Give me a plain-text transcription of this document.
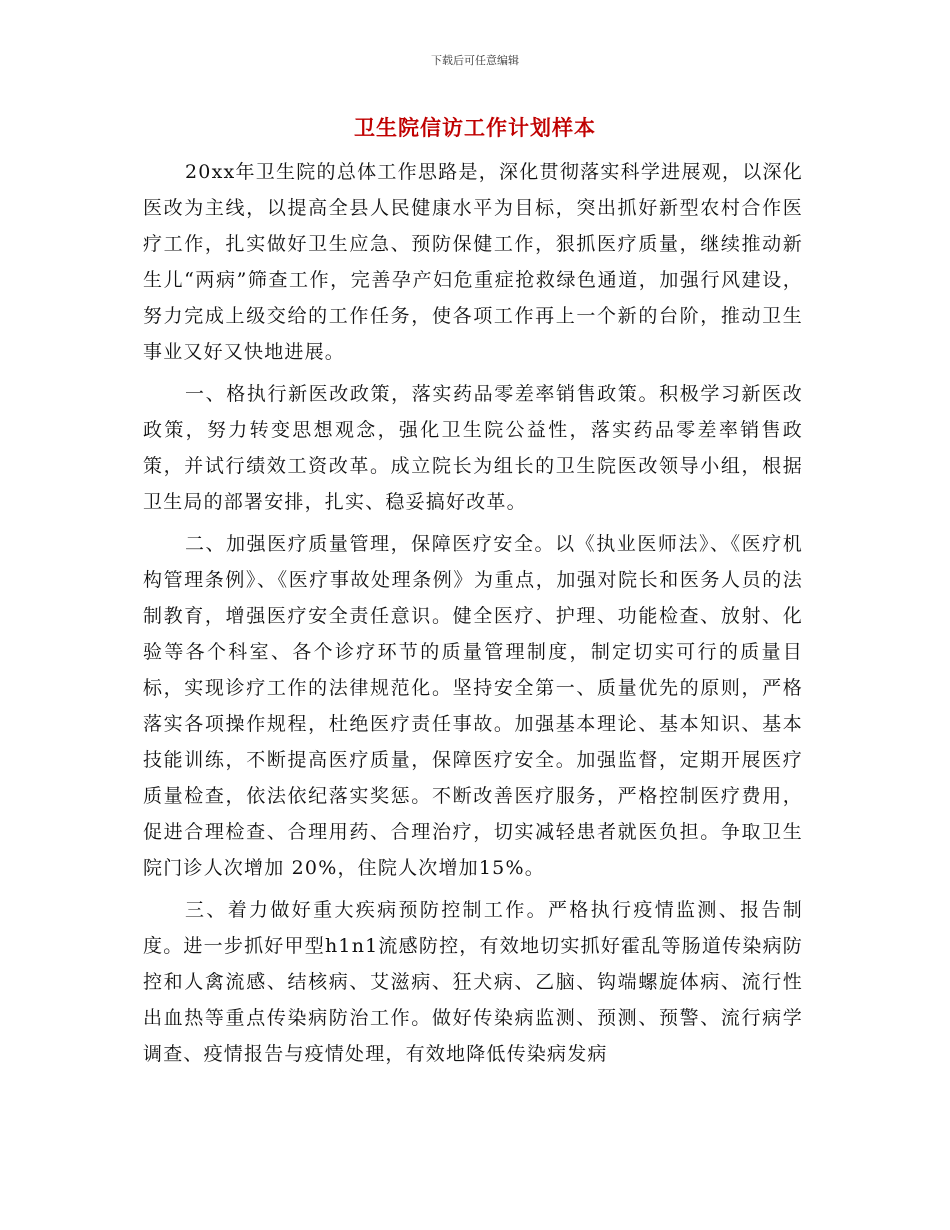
下载后可任意编辑
卫生院信访工作计划样本

20xx年卫生院的总体工作思路是，深化贯彻落实科学进展观，以深化医改为主线，以提高全县人民健康水平为目标，突出抓好新型农村合作医疗工作，扎实做好卫生应急、预防保健工作，狠抓医疗质量，继续推动新生儿“两病”筛查工作，完善孕产妇危重症抢救绿色通道，加强行风建设，努力完成上级交给的工作任务，使各项工作再上一个新的台阶，推动卫生事业又好又快地进展。

一、格执行新医改政策，落实药品零差率销售政策。积极学习新医改政策，努力转变思想观念，强化卫生院公益性，落实药品零差率销售政策，并试行绩效工资改革。成立院长为组长的卫生院医改领导小组，根据卫生局的部署安排，扎实、稳妥搞好改革。

二、加强医疗质量管理，保障医疗安全。以《执业医师法》、《医疗机构管理条例》、《医疗事故处理条例》为重点，加强对院长和医务人员的法制教育，增强医疗安全责任意识。健全医疗、护理、功能检查、放射、化验等各个科室、各个诊疗环节的质量管理制度，制定切实可行的质量目标，实现诊疗工作的法律规范化。坚持安全第一、质量优先的原则，严格落实各项操作规程，杜绝医疗责任事故。加强基本理论、基本知识、基本技能训练，不断提高医疗质量，保障医疗安全。加强监督，定期开展医疗质量检查，依法依纪落实奖惩。不断改善医疗服务，严格控制医疗费用，促进合理检查、合理用药、合理治疗，切实减轻患者就医负担。争取卫生院门诊人次增加 20%，住院人次增加15%。

三、着力做好重大疾病预防控制工作。严格执行疫情监测、报告制度。进一步抓好甲型h1n1流感防控，有效地切实抓好霍乱等肠道传染病防控和人禽流感、结核病、艾滋病、狂犬病、乙脑、钩端螺旋体病、流行性出血热等重点传染病防治工作。做好传染病监测、预测、预警、流行病学调查、疫情报告与疫情处理，有效地降低传染病发病
